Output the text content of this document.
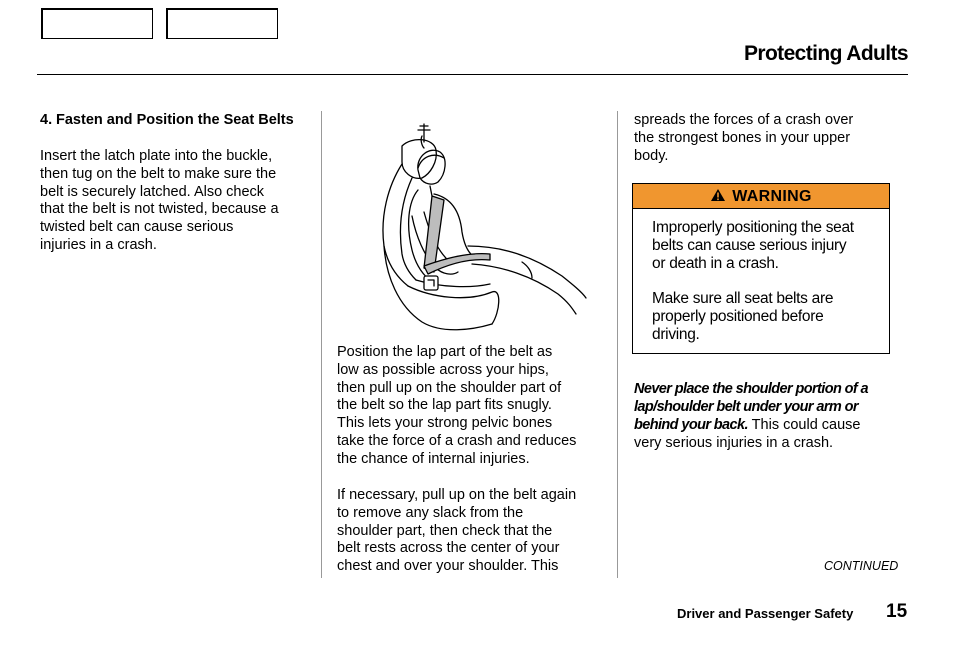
Protecting Adults
4. Fasten and Position the Seat Belts
Insert the latch plate into the buckle,
then tug on the belt to make sure the
belt is securely latched. Also check
that the belt is not twisted, because a
twisted belt can cause serious
injuries in a crash.
Position the lap part of the belt as
low as possible across your hips,
then pull up on the shoulder part of
the belt so the lap part fits snugly.
This lets your strong pelvic bones
take the force of a crash and reduces
the chance of internal injuries.
If necessary, pull up on the belt again
to remove any slack from the
shoulder part, then check that the
belt rests across the center of your
chest and over your shoulder. This
spreads the forces of a crash over
the strongest bones in your upper
body.
WARNING
Improperly positioning the seat
belts can cause serious injury
or death in a crash.
Make sure all seat belts are
properly positioned before
driving.
Never place the shoulder portion of a
lap/shoulder belt under your arm or
behind your back. This could cause
very serious injuries in a crash.
CONTINUED
Driver and Passenger Safety 15
